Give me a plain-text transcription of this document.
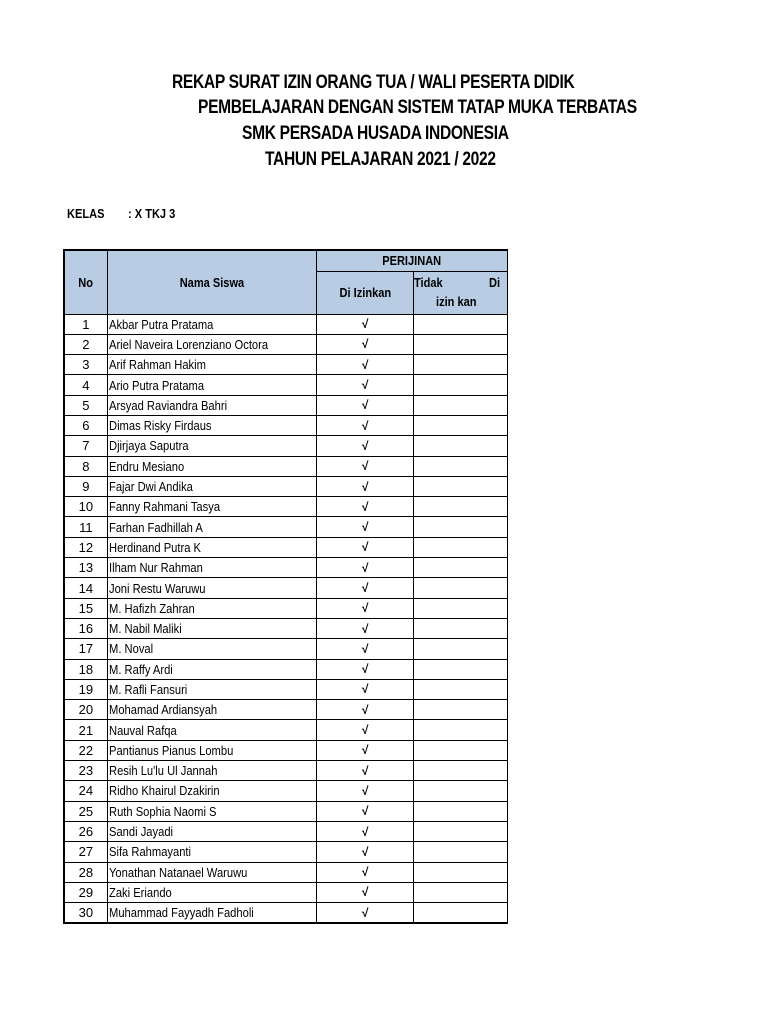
REKAP SURAT IZIN ORANG TUA / WALI PESERTA DIDIK
PEMBELAJARAN DENGAN SISTEM TATAP MUKA TERBATAS
SMK PERSADA HUSADA INDONESIA
TAHUN PELAJARAN 2021 / 2022
KELAS : X TKJ 3
No	Nama Siswa	PERIJINAN	
		Di Izinkan	Tidak Di
izin kan

1	Akbar Putra Pratama	√	
2	Ariel Naveira Lorenziano Octora	√	
3	Arif Rahman Hakim	√	
4	Ario Putra Pratama	√	
5	Arsyad Raviandra Bahri	√	
6	Dimas Risky Firdaus	√	
7	Djirjaya Saputra	√	
8	Endru Mesiano	√	
9	Fajar Dwi Andika	√	
10	Fanny Rahmani Tasya	√	
11	Farhan Fadhillah A	√	
12	Herdinand Putra K	√	
13	Ilham Nur Rahman	√	
14	Joni Restu Waruwu	√	
15	M. Hafizh Zahran	√	
16	M. Nabil Maliki	√	
17	M. Noval	√	
18	M. Raffy Ardi	√	
19	M. Rafli Fansuri	√	
20	Mohamad Ardiansyah	√	
21	Nauval Rafqa	√	
22	Pantianus Pianus Lombu	√	
23	Resih Lu'lu Ul Jannah	√	
24	Ridho Khairul Dzakirin	√	
25	Ruth Sophia Naomi S	√	
26	Sandi Jayadi	√	
27	Sifa Rahmayanti	√	
28	Yonathan Natanael Waruwu	√	
29	Zaki Eriando	√	
30	Muhammad Fayyadh Fadholi	√	
